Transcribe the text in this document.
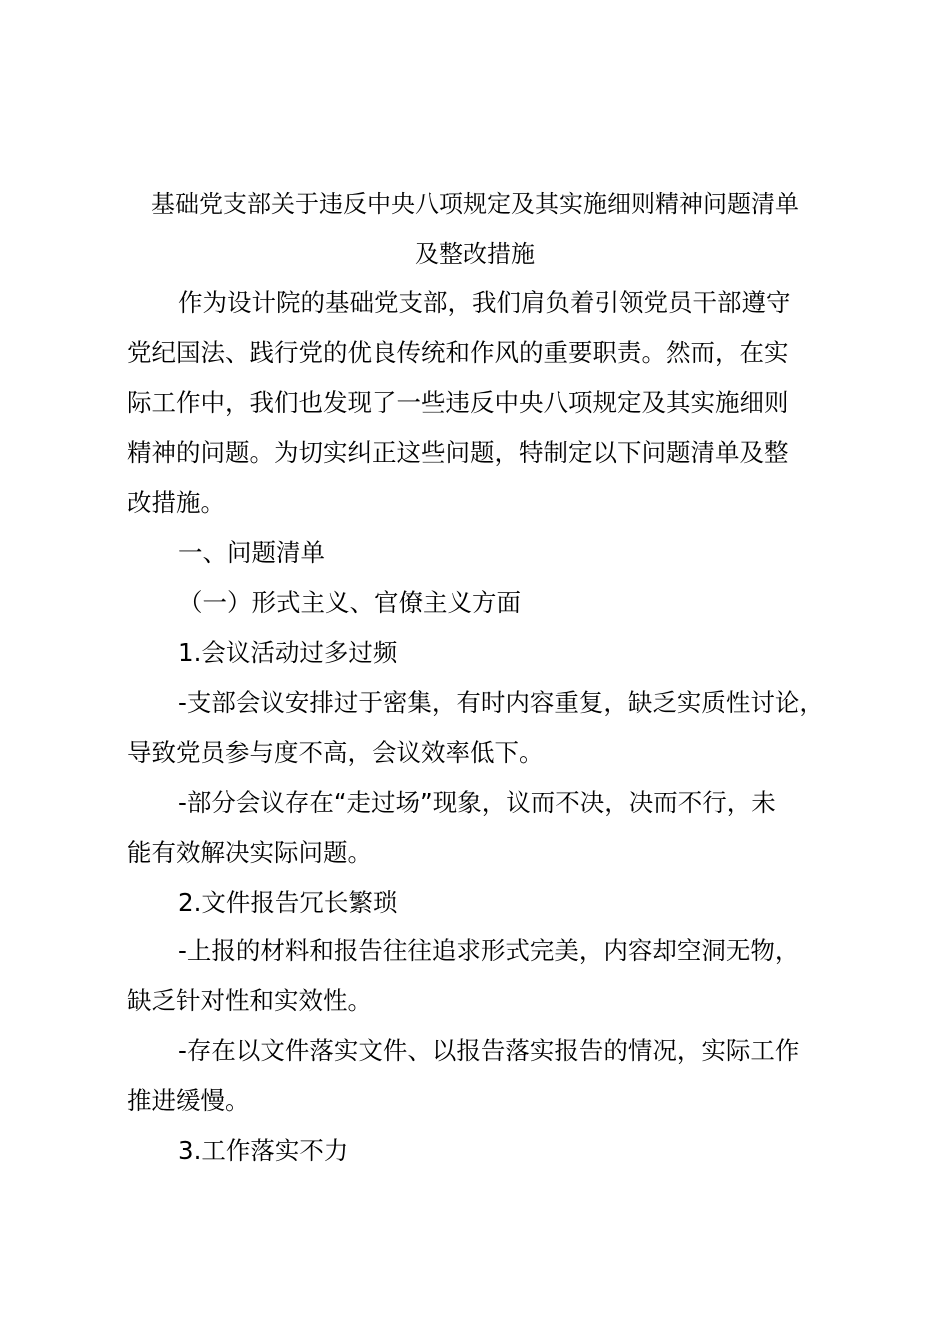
基础党支部关于违反中央八项规定及其实施细则精神问题清单
及整改措施
作为设计院的基础党支部，我们肩负着引领党员干部遵守
党纪国法、践行党的优良传统和作风的重要职责。然而，在实
际工作中，我们也发现了一些违反中央八项规定及其实施细则
精神的问题。为切实纠正这些问题，特制定以下问题清单及整
改措施。
一、问题清单
（一）形式主义、官僚主义方面
1.会议活动过多过频
-支部会议安排过于密集，有时内容重复，缺乏实质性讨论，
导致党员参与度不高，会议效率低下。
-部分会议存在“走过场”现象，议而不决，决而不行，未
能有效解决实际问题。
2.文件报告冗长繁琐
-上报的材料和报告往往追求形式完美，内容却空洞无物，
缺乏针对性和实效性。
-存在以文件落实文件、以报告落实报告的情况，实际工作
推进缓慢。
3.工作落实不力
